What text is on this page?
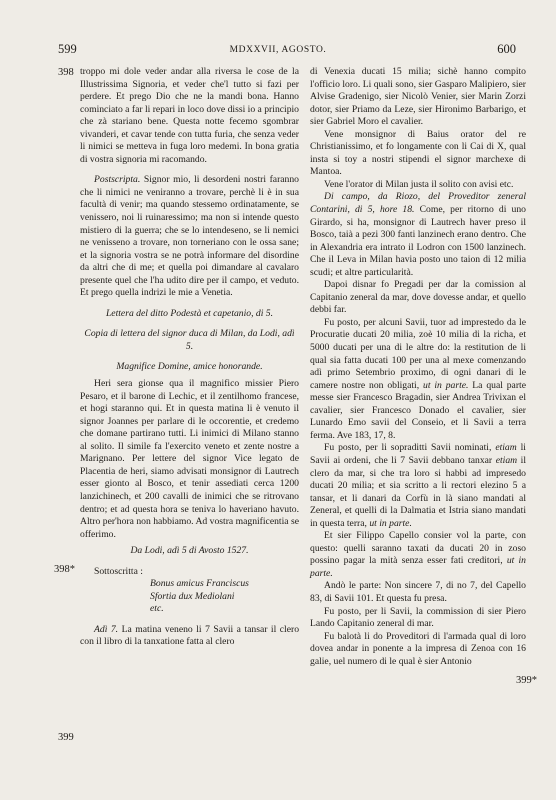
599	MDXXVII, AGOSTO.	600
398
398*
399
399*

troppo mi dole veder andar alla riversa le cose de la Illustrissima Signoria, et veder che'l tutto si fazi per perdere. Et prego Dio che ne la mandi bona. Hanno cominciato a far li repari in loco dove dissi io a principio che zà stariano bene. Questa notte fecemo sgombrar vivanderi, et cavar tende con tutta furia, che senza veder li nimici se metteva in fuga loro medemi. In bona gratia di vostra signoria mi racomando.

Postscripta. Signor mio, li desordeni nostri faranno che li nimici ne veniranno a trovare, perchè li è in sua facultà di venir; ma quando stessemo ordinatamente, se venissero, noi li ruinaressimo; ma non si intende questo mistiero di la guerra; che se lo intendeseno, se li nemici ne venisseno a trovare, non torneriano con le ossa sane; et la signoria vostra se ne potrà informare del disordine da altri che di me; et quella poi dimandare al cavalaro presente quel che l'ha udito dire per il campo, et veduto. Et prego quella indrizi le mie a Venetia.

Lettera del ditto Podestà et capetanio, di 5.

Copia di lettera del signor duca di Milan, da Lodi, adì 5.

Magnifice Domine, amice honorande.

Heri sera gionse qua il magnifico missier Piero Pesaro, et il barone di Lechic, et il zentilhomo francese, et hogi staranno qui. Et in questa matina li è venuto il signor Joannes per parlare di le occorentie, et credemo che domane partirano tutti. Li inimici di Milano stanno al solito. Il simile fa l'exercito veneto et zente nostre a Marignano. Per lettere del signor Vice legato de Placentia de heri, siamo advisati monsignor di Lautrech esser gionto al Bosco, et tenir assediati cerca 1200 lanzichinech, et 200 cavalli de inimici che se ritrovano dentro; et ad questa hora se teniva lo haveriano havuto. Altro per'hora non habbiamo. Ad vostra magnificentia se offerimo.

Da Lodi, adì 5 di Avosto 1527.

Sottoscritta :

Bonus amicus Franciscus

Sfortia dux Mediolani

etc.

Adì 7. La matina veneno li 7 Savii a tansar il clero con il libro di la tanxatione fatta al clero

di Venexia ducati 15 milia; sichè hanno compito l'officio loro. Li quali sono, sier Gasparo Malipiero, sier Alvise Gradenigo, sier Nicolò Venier, sier Marin Zorzi dotor, sier Priamo da Leze, sier Hironimo Barbarigo, et sier Gabriel Moro el cavalier.

Vene monsignor di Baius orator del re Christianissimo, et fo longamente con li Cai di X, qual insta si toy a nostri stipendi el signor marchexe di Mantoa.

Vene l'orator di Milan justa il solito con avisi etc.

Di campo, da Riozo, del Proveditor zeneral Contarini, di 5, hore 18. Come, per ritorno di uno Girardo, si ha, monsignor di Lautrech haver preso il Bosco, taià a pezi 300 fanti lanzinech erano dentro. Che in Alexandria era intrato il Lodron con 1500 lanzinech. Che il Leva in Milan havia posto uno taion di 12 milia scudi; et altre particularità.

Dapoi disnar fo Pregadi per dar la comission al Capitanio zeneral da mar, dove dovesse andar, et quello debbi far.

Fu posto, per alcuni Savii, tuor ad imprestedo da le Procuratie ducati 20 milia, zoè 10 milia di la richa, et 5000 ducati per una di le altre do: la restitution de li qual sia fatta ducati 100 per una al mexe comenzando adì primo Setembrio proximo, di ogni danari di le camere nostre non obligati, ut in parte. La qual parte messe sier Francesco Bragadin, sier Andrea Trivixan el cavalier, sier Francesco Donado el cavalier, sier Lunardo Emo savii del Conseio, et li Savii a terra ferma. Ave 183, 17, 8.

Fu posto, per li sopraditti Savii nominati, etiam li Savii ai ordeni, che li 7 Savii debbano tanxar etiam il clero da mar, si che tra loro si habbi ad impresedo ducati 20 milia; et sia scritto a li rectori elezino 5 a tansar, et li danari da Corfù in là siano mandati al Zeneral, et quelli di la Dalmatia et Istria siano mandati in questa terra, ut in parte.

Et sier Filippo Capello consier vol la parte, con questo: quelli saranno taxati da ducati 20 in zoso possino pagar la mità senza esser fati creditori, ut in parte.

Andò le parte: Non sincere 7, di no 7, del Capello 83, di Savii 101. Et questa fu presa.

Fu posto, per li Savii, la commission di sier Piero Lando Capitanio zeneral di mar.

Fu balotà li do Proveditori di l'armada qual di loro dovea andar in ponente a la impresa di Zenoa con 16 galie, uel numero di le qual è sier Antonio
